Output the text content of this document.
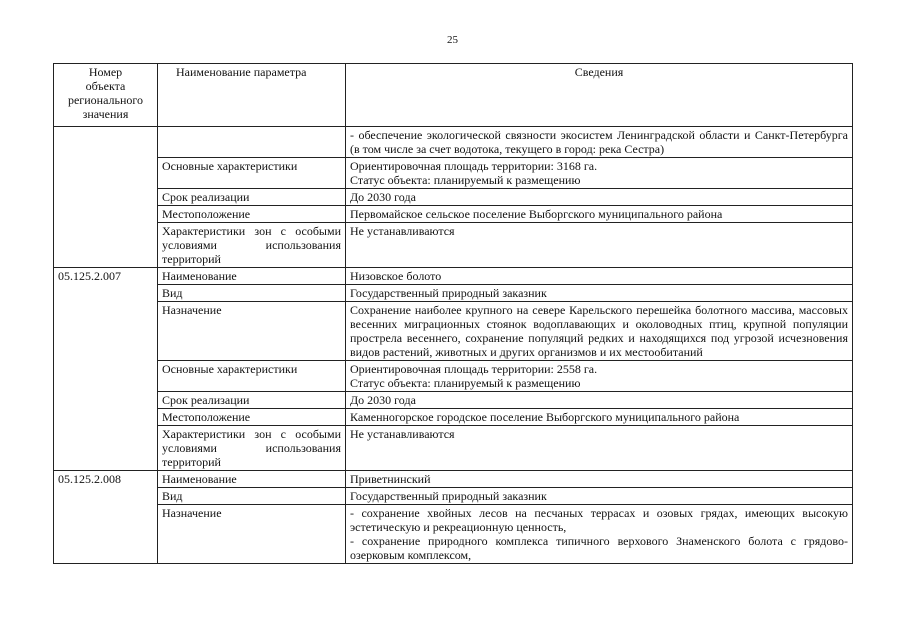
25
Номер
объекта
регионального
значения	Наименование параметра	Сведения
		- обеспечение экологической связности экосистем Ленинградской области и Санкт-Петербурга (в том числе за счет водотока, текущего в город: река Сестра)
	Основные характеристики	Ориентировочная площадь территории: 3168 га.
Статус объекта: планируемый к размещению

	Срок реализации	До 2030 года
	Местоположение	Первомайское сельское поселение Выборгского муниципального района
	Характеристики зон с особыми условиями использования территорий	Не устанавливаются
05.125.2.007	Наименование	Низовское болото
	Вид	Государственный природный заказник
	Назначение	Сохранение наиболее крупного на севере Карельского перешейка болотного массива, массовых весенних миграционных стоянок водоплавающих и околоводных птиц, крупной популяции прострела весеннего, сохранение популяций редких и находящихся под угрозой исчезновения видов растений, животных и других организмов и их местообитаний
	Основные характеристики	Ориентировочная площадь территории: 2558 га.
Статус объекта: планируемый к размещению

	Срок реализации	До 2030 года
	Местоположение	Каменногорское городское поселение Выборгского муниципального района
	Характеристики зон с особыми условиями использования территорий	Не устанавливаются
05.125.2.008	Наименование	Приветнинский
	Вид	Государственный природный заказник
	Назначение	- сохранение хвойных лесов на песчаных террасах и озовых грядах, имеющих высокую эстетическую и рекреационную ценность,
- сохранение природного комплекса типичного верхового Знаменского болота с грядово-озерковым комплексом,
